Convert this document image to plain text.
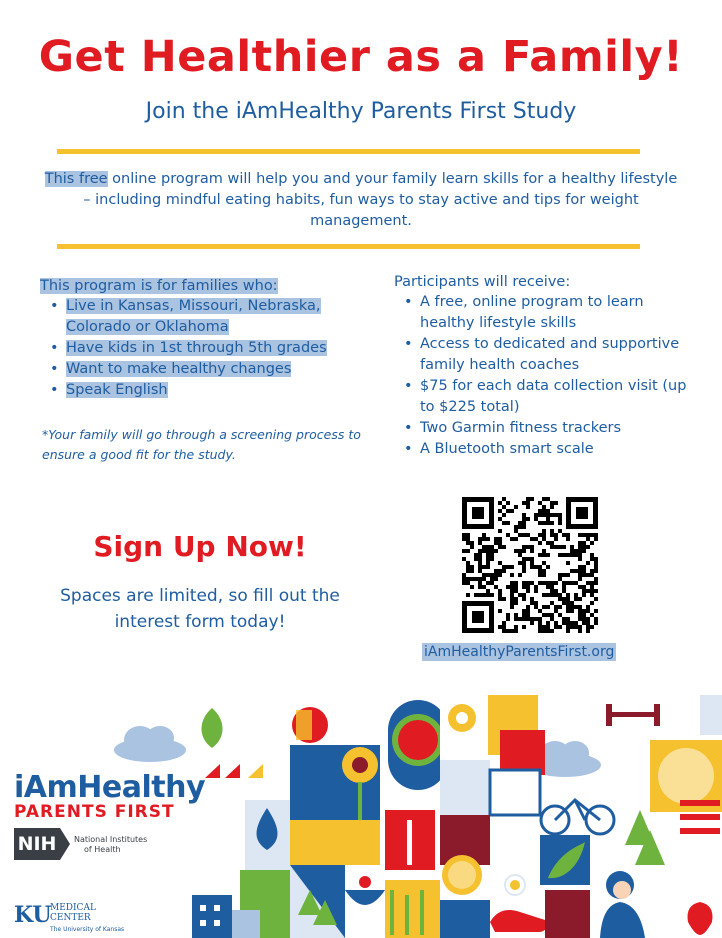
Get Healthier as a Family!
Join the iAmHealthy Parents First Study
This free online program will help you and your family learn skills for a healthy lifestyle – including mindful eating habits, fun ways to stay active and tips for weight management.
This program is for families who:
• Live in Kansas, Missouri, Nebraska, Colorado or Oklahoma
• Have kids in 1st through 5th grades
• Want to make healthy changes
• Speak English
*Your family will go through a screening process to ensure a good fit for the study.
Participants will receive:
• A free, online program to learn healthy lifestyle skills
• Access to dedicated and supportive family health coaches
• $75 for each data collection visit (up to $225 total)
• Two Garmin fitness trackers
• A Bluetooth smart scale
Sign Up Now!
Spaces are limited, so fill out the interest form today!
iAmHealthyParentsFirst.org
iAmHealthy
PARENTS FIRST
NIH	National Institutes
of Health
KU
MEDICAL
CENTER
The University of Kansas
